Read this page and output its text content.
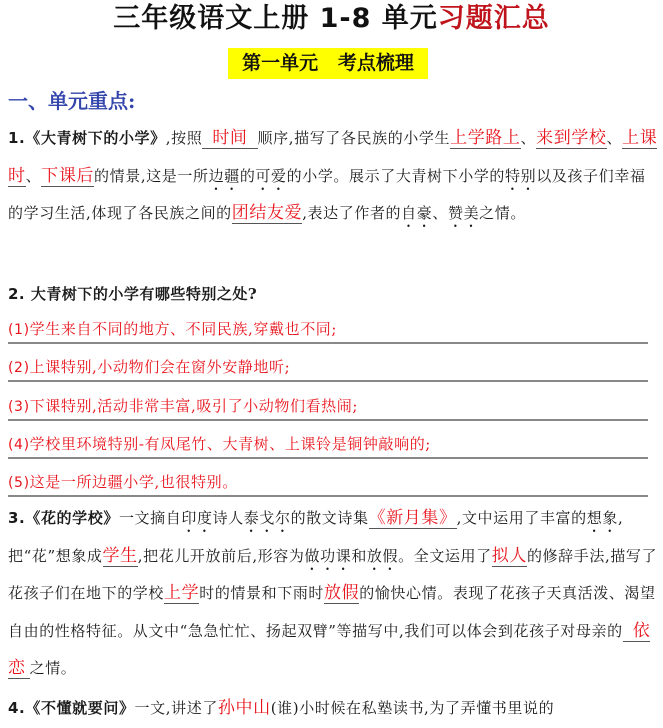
三年级语文上册 1-8 单元习题汇总
第一单元   考点梳理
一、单元重点:
1.《大青树下的小学》,按照 时间 顺序,描写了各民族的小学生上学路上、来到学校、上课时、下课后的情景,这是一所边疆的可爱的小学。展示了大青树下小学的特别以及孩子们幸福的学习生活,体现了各民族之间的团结友爱,表达了作者的自豪、赞美之情。
2. 大青树下的小学有哪些特别之处?
(1)学生来自不同的地方、不同民族,穿戴也不同;
(2)上课特别,小动物们会在窗外安静地听;
(3)下课特别,活动非常丰富,吸引了小动物们看热闹;
(4)学校里环境特别-有凤尾竹、大青树、上课铃是铜钟敲响的;
(5)这是一所边疆小学,也很特别。
3.《花的学校》一文摘自印度诗人泰戈尔的散文诗集《新月集》,文中运用了丰富的想象,把“花”想象成学生,把花儿开放前后,形容为做功课和放假。全文运用了拟人的修辞手法,描写了花孩子们在地下的学校上学时的情景和下雨时放假的愉快心情。表现了花孩子天真活泼、渴望自由的性格特征。从文中“急急忙忙、扬起双臂”等描写中,我们可以体会到花孩子对母亲的 依恋 之情。
4.《不懂就要问》一文,讲述了孙中山(谁)小时候在私塾读书,为了弄懂书里说的
